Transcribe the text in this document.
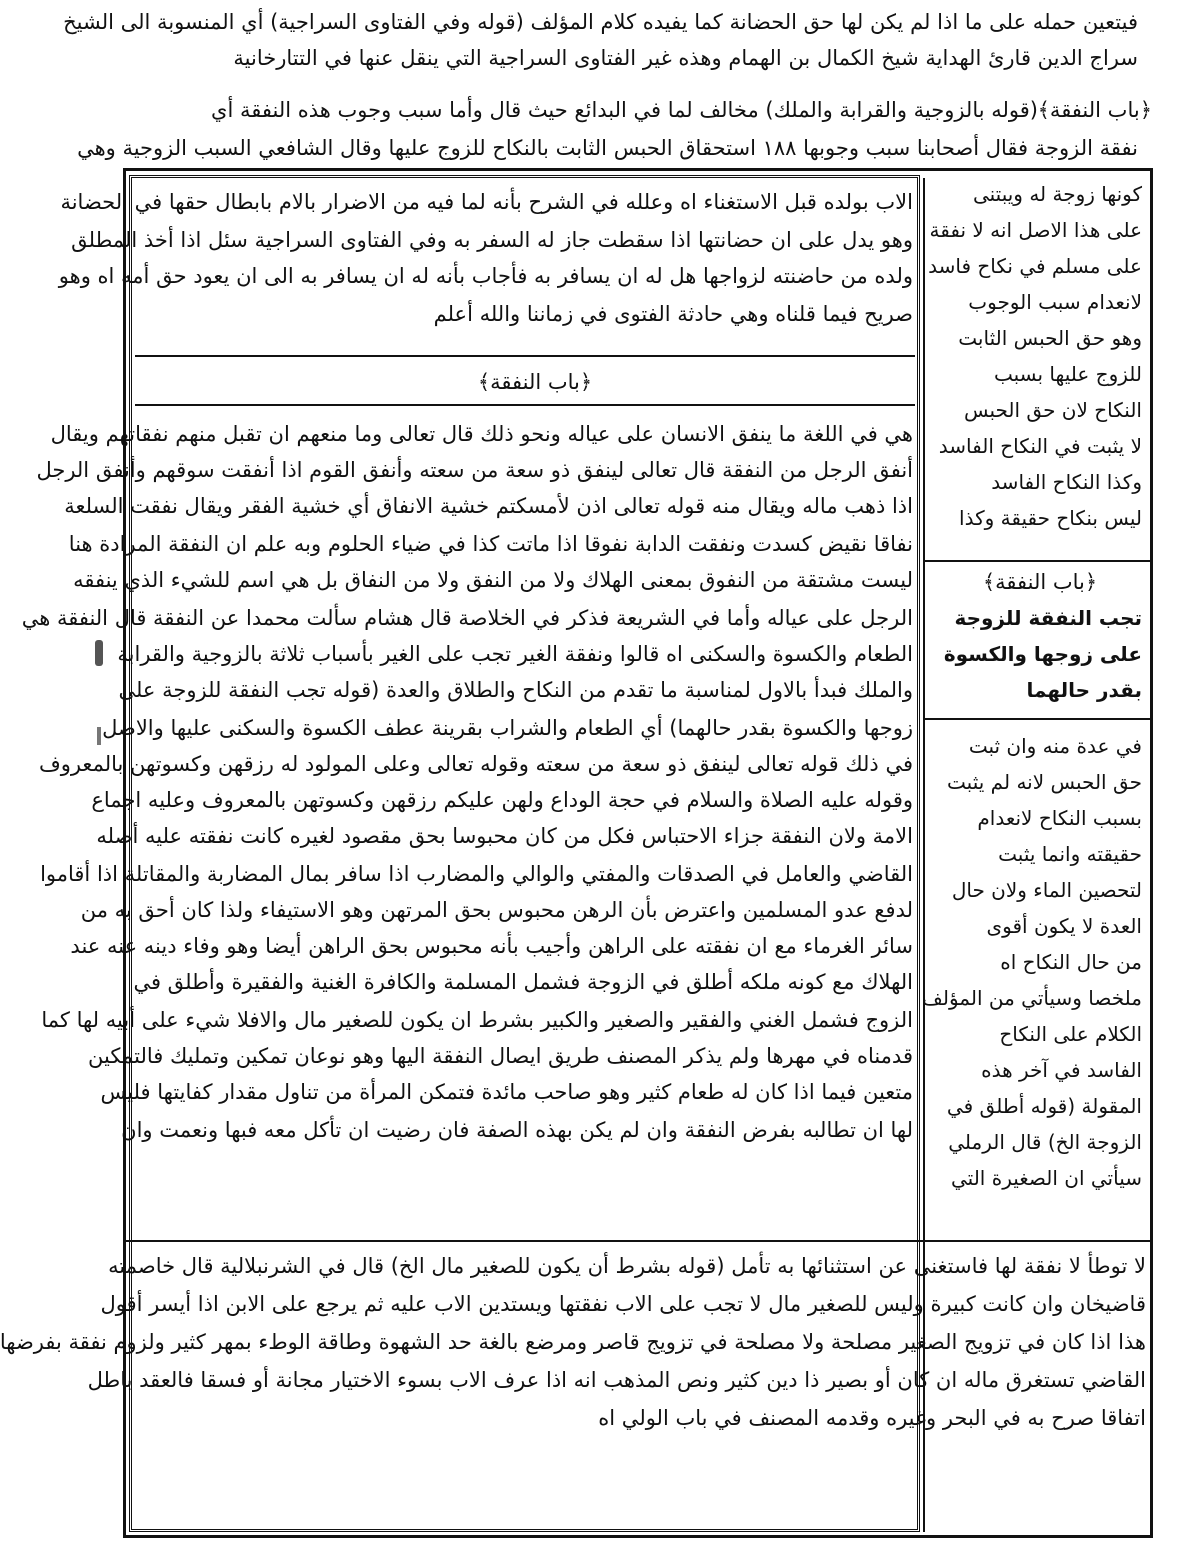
فيتعين حمله على ما اذا لم يكن لها حق الحضانة كما يفيده كلام المؤلف (قوله وفي الفتاوى السراجية) أي المنسوبة الى الشيخ
سراج الدين قارئ الهداية شيخ الكمال بن الهمام وهذه غير الفتاوى السراجية التي ينقل عنها في التتارخانية
﴿باب النفقة﴾
(قوله بالزوجية والقرابة والملك) مخالف لما في البدائع حيث قال وأما سبب وجوب هذه النفقة أي
نفقة الزوجة فقال أصحابنا سبب وجوبها ١٨٨ استحقاق الحبس الثابت بالنكاح للزوج عليها وقال الشافعي السبب الزوجية وهي
الاب بولده قبل الاستغناء اه وعلله في الشرح بأنه لما فيه من الاضرار بالام بابطال حقها في الحضانة
وهو يدل على ان حضانتها اذا سقطت جاز له السفر به وفي الفتاوى السراجية سئل اذا أخذ المطلق
ولده من حاضنته لزواجها هل له ان يسافر به فأجاب بأنه له ان يسافر به الى ان يعود حق أمه اه وهو
صريح فيما قلناه وهي حادثة الفتوى في زماننا والله أعلم
﴿باب النفقة﴾
هي في اللغة ما ينفق الانسان على عياله ونحو ذلك قال تعالى وما منعهم ان تقبل منهم نفقاتهم ويقال
أنفق الرجل من النفقة قال تعالى لينفق ذو سعة من سعته وأنفق القوم اذا أنفقت سوقهم وأنفق الرجل
اذا ذهب ماله ويقال منه قوله تعالى اذن لأمسكتم خشية الانفاق أي خشية الفقر ويقال نفقت السلعة
نفاقا نقيض كسدت ونفقت الدابة نفوقا اذا ماتت كذا في ضياء الحلوم وبه علم ان النفقة المرادة هنا
ليست مشتقة من النفوق بمعنى الهلاك ولا من النفق ولا من النفاق بل هي اسم للشيء الذي ينفقه
الرجل على عياله وأما في الشريعة فذكر في الخلاصة قال هشام سألت محمدا عن النفقة قال النفقة هي
الطعام والكسوة والسكنى اه قالوا ونفقة الغير تجب على الغير بأسباب ثلاثة بالزوجية والقرابة
والملك فبدأ بالاول لمناسبة ما تقدم من النكاح والطلاق والعدة (قوله تجب النفقة للزوجة على
زوجها والكسوة بقدر حالهما) أي الطعام والشراب بقرينة عطف الكسوة والسكنى عليها والاصل
في ذلك قوله تعالى لينفق ذو سعة من سعته وقوله تعالى وعلى المولود له رزقهن وكسوتهن بالمعروف
وقوله عليه الصلاة والسلام في حجة الوداع ولهن عليكم رزقهن وكسوتهن بالمعروف وعليه اجماع
الامة ولان النفقة جزاء الاحتباس فكل من كان محبوسا بحق مقصود لغيره كانت نفقته عليه أصله
القاضي والعامل في الصدقات والمفتي والوالي والمضارب اذا سافر بمال المضاربة والمقاتلة اذا أقاموا
لدفع عدو المسلمين واعترض بأن الرهن محبوس بحق المرتهن وهو الاستيفاء ولذا كان أحق به من
سائر الغرماء مع ان نفقته على الراهن وأجيب بأنه محبوس بحق الراهن أيضا وهو وفاء دينه عنه عند
الهلاك مع كونه ملكه أطلق في الزوجة فشمل المسلمة والكافرة الغنية والفقيرة وأطلق في
الزوج فشمل الغني والفقير والصغير والكبير بشرط ان يكون للصغير مال والافلا شيء على أبيه لها كما
قدمناه في مهرها ولم يذكر المصنف طريق ايصال النفقة اليها وهو نوعان تمكين وتمليك فالتمكين
متعين فيما اذا كان له طعام كثير وهو صاحب مائدة فتمكن المرأة من تناول مقدار كفايتها فليس
لها ان تطالبه بفرض النفقة وان لم يكن بهذه الصفة فان رضيت ان تأكل معه فبها ونعمت وان
كونها زوجة له ويبتنى
على هذا الاصل انه لا نفقة
على مسلم في نكاح فاسد
لانعدام سبب الوجوب
وهو حق الحبس الثابت
للزوج عليها بسبب
النكاح لان حق الحبس
لا يثبت في النكاح الفاسد
وكذا النكاح الفاسد
ليس بنكاح حقيقة وكذا
﴿باب النفقة﴾
تجب النفقة للزوجة
على زوجها والكسوة
بقدر حالهما
في عدة منه وان ثبت
حق الحبس لانه لم يثبت
بسبب النكاح لانعدام
حقيقته وانما يثبت
لتحصين الماء ولان حال
العدة لا يكون أقوى
من حال النكاح اه
ملخصا وسيأتي من المؤلف
الكلام على النكاح
الفاسد في آخر هذه
المقولة (قوله أطلق في
الزوجة الخ) قال الرملي
سيأتي ان الصغيرة التي
لا توطأ لا نفقة لها فاستغنى عن استثنائها به تأمل (قوله بشرط أن يكون للصغير مال الخ) قال في الشرنبلالية قال خاصمته
قاضيخان وان كانت كبيرة وليس للصغير مال لا تجب على الاب نفقتها ويستدين الاب عليه ثم يرجع على الابن اذا أيسر أقول
هذا اذا كان في تزويج الصغير مصلحة ولا مصلحة في تزويج قاصر ومرضع بالغة حد الشهوة وطاقة الوطء بمهر كثير ولزوم نفقة بفرضها
القاضي تستغرق ماله ان كان أو بصير ذا دين كثير ونص المذهب انه اذا عرف الاب بسوء الاختيار مجانة أو فسقا فالعقد باطل
اتفاقا صرح به في البحر وغيره وقدمه المصنف في باب الولي اه
